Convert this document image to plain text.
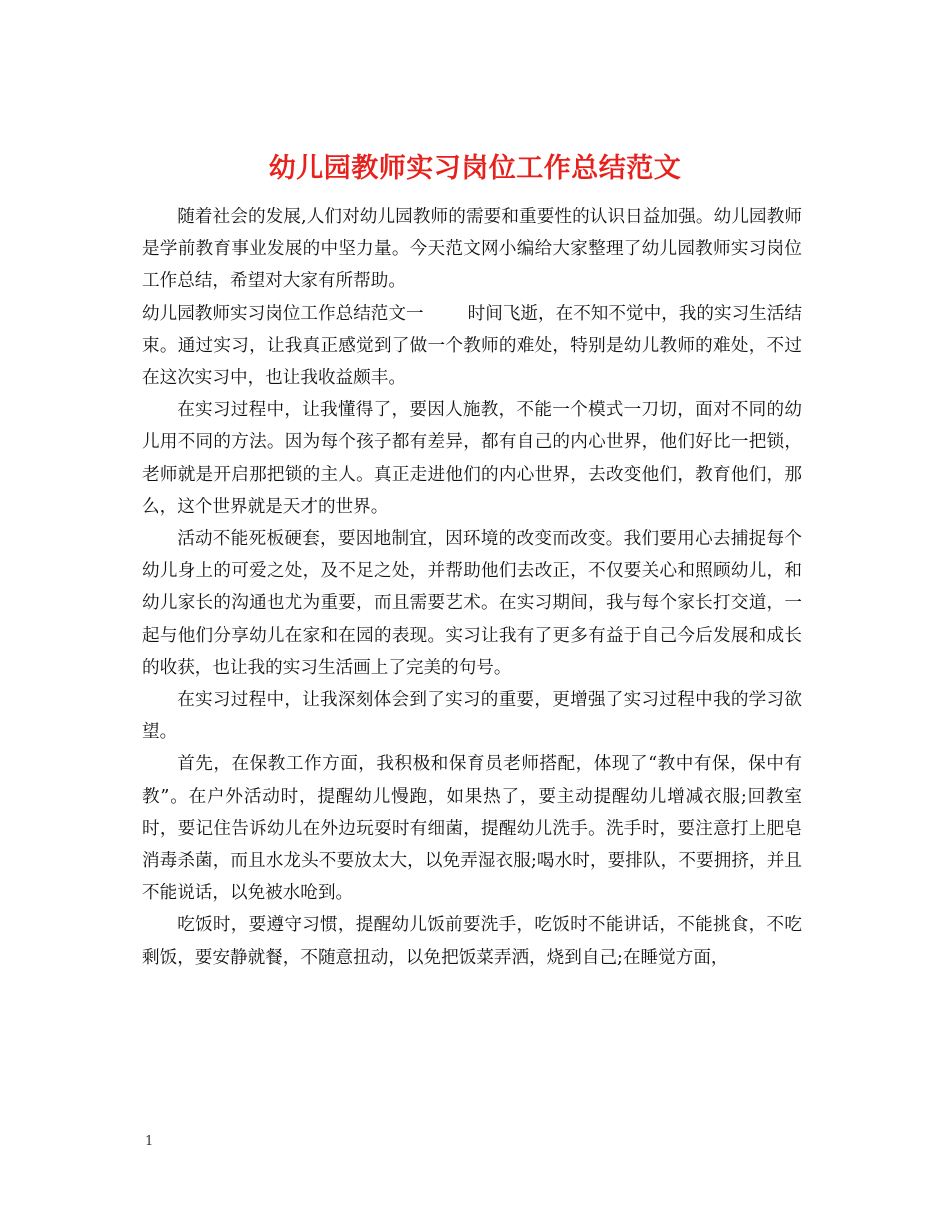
幼儿园教师实习岗位工作总结范文

随着社会的发展,人们对幼儿园教师的需要和重要性的认识日益加强。幼儿园教师是学前教育事业发展的中坚力量。今天范文网小编给大家整理了幼儿园教师实习岗位工作总结，希望对大家有所帮助。

幼儿园教师实习岗位工作总结范文一	时间飞逝，在不知不觉中，我的实习生活结束。通过实习，让我真正感觉到了做一个教师的难处，特别是幼儿教师的难处，不过在这次实习中，也让我收益颇丰。

在实习过程中，让我懂得了，要因人施教，不能一个模式一刀切，面对不同的幼儿用不同的方法。因为每个孩子都有差异，都有自己的内心世界，他们好比一把锁，老师就是开启那把锁的主人。真正走进他们的内心世界，去改变他们，教育他们，那么，这个世界就是天才的世界。

活动不能死板硬套，要因地制宜，因环境的改变而改变。我们要用心去捕捉每个幼儿身上的可爱之处，及不足之处，并帮助他们去改正，不仅要关心和照顾幼儿，和幼儿家长的沟通也尤为重要，而且需要艺术。在实习期间，我与每个家长打交道，一起与他们分享幼儿在家和在园的表现。实习让我有了更多有益于自己今后发展和成长的收获，也让我的实习生活画上了完美的句号。

在实习过程中，让我深刻体会到了实习的重要，更增强了实习过程中我的学习欲望。

首先，在保教工作方面，我积极和保育员老师搭配，体现了“教中有保，保中有教”。在户外活动时，提醒幼儿慢跑，如果热了，要主动提醒幼儿增减衣服;回教室时，要记住告诉幼儿在外边玩耍时有细菌，提醒幼儿洗手。洗手时，要注意打上肥皂消毒杀菌，而且水龙头不要放太大，以免弄湿衣服;喝水时，要排队，不要拥挤，并且不能说话，以免被水呛到。

吃饭时，要遵守习惯，提醒幼儿饭前要洗手，吃饭时不能讲话，不能挑食，不吃剩饭，要安静就餐，不随意扭动，以免把饭菜弄洒，烧到自己;在睡觉方面，

1
